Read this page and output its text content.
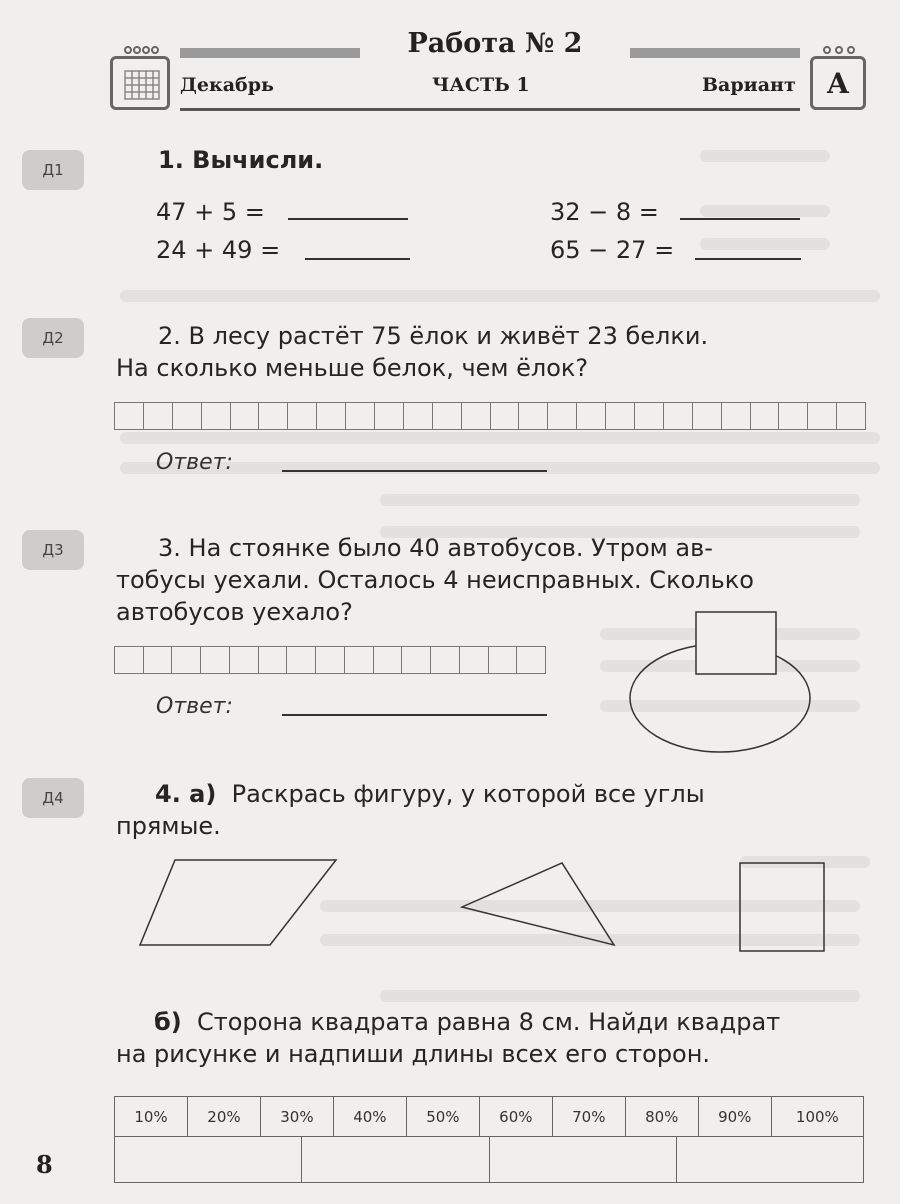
Работа № 2
Декабрь	ЧАСТЬ 1	Вариант	А
Д1
Д2
Д3
Д4
1. Вычисли.
47 + 5 =	32 − 8 =
24 + 49 =	65 − 27 =
2. В лесу растёт 75 ёлок и живёт 23 белки.
На сколько меньше белок, чем ёлок?
Ответ:
3. На стоянке было 40 автобусов. Утром ав-
тобусы уехали. Осталось 4 неисправных. Сколько
автобусов уехало?
Ответ:
4. а) Раскрась фигуру, у которой все углы
прямые.
б) Сторона квадрата равна 8 см. Найди квадрат
на рисунке и надпиши длины всех его сторон.
10%	20%	30%	40%	50%	60%	70%	80%	90%	100%
8
